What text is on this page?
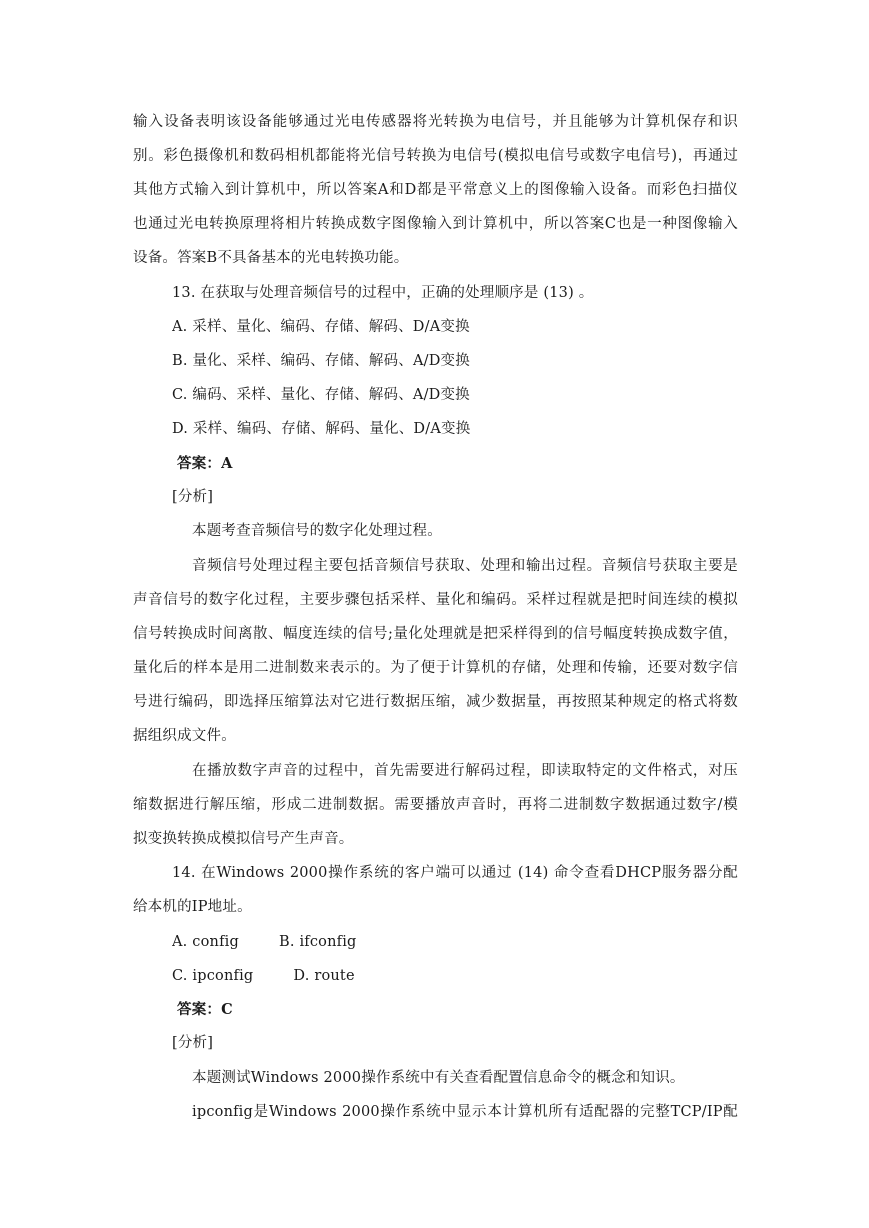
输入设备表明该设备能够通过光电传感器将光转换为电信号，并且能够为计算机保存和识
别。彩色摄像机和数码相机都能将光信号转换为电信号(模拟电信号或数字电信号)，再通过
其他方式输入到计算机中，所以答案A和D都是平常意义上的图像输入设备。而彩色扫描仪
也通过光电转换原理将相片转换成数字图像输入到计算机中，所以答案C也是一种图像输入
设备。答案B不具备基本的光电转换功能。
13. 在获取与处理音频信号的过程中，正确的处理顺序是 (13) 。
A. 采样、量化、编码、存储、解码、D/A变换
B. 量化、采样、编码、存储、解码、A/D变换
C. 编码、采样、量化、存储、解码、A/D变换
D. 采样、编码、存储、解码、量化、D/A变换
答案：A
[分析]
本题考查音频信号的数字化处理过程。
音频信号处理过程主要包括音频信号获取、处理和输出过程。音频信号获取主要是
声音信号的数字化过程，主要步骤包括采样、量化和编码。采样过程就是把时间连续的模拟
信号转换成时间离散、幅度连续的信号;量化处理就是把采样得到的信号幅度转换成数字值，
量化后的样本是用二进制数来表示的。为了便于计算机的存储，处理和传输，还要对数字信
号进行编码，即选择压缩算法对它进行数据压缩，减少数据量，再按照某种规定的格式将数
据组织成文件。
在播放数字声音的过程中，首先需要进行解码过程，即读取特定的文件格式，对压
缩数据进行解压缩，形成二进制数据。需要播放声音时，再将二进制数字数据通过数字/模
拟变换转换成模拟信号产生声音。
14. 在Windows 2000操作系统的客户端可以通过 (14) 命令查看DHCP服务器分配
给本机的IP地址。
A. config	B. ifconfig
C. ipconfig	D. route
答案：C
[分析]
本题测试Windows 2000操作系统中有关查看配置信息命令的概念和知识。
ipconfig是Windows 2000操作系统中显示本计算机所有适配器的完整TCP/IP配
